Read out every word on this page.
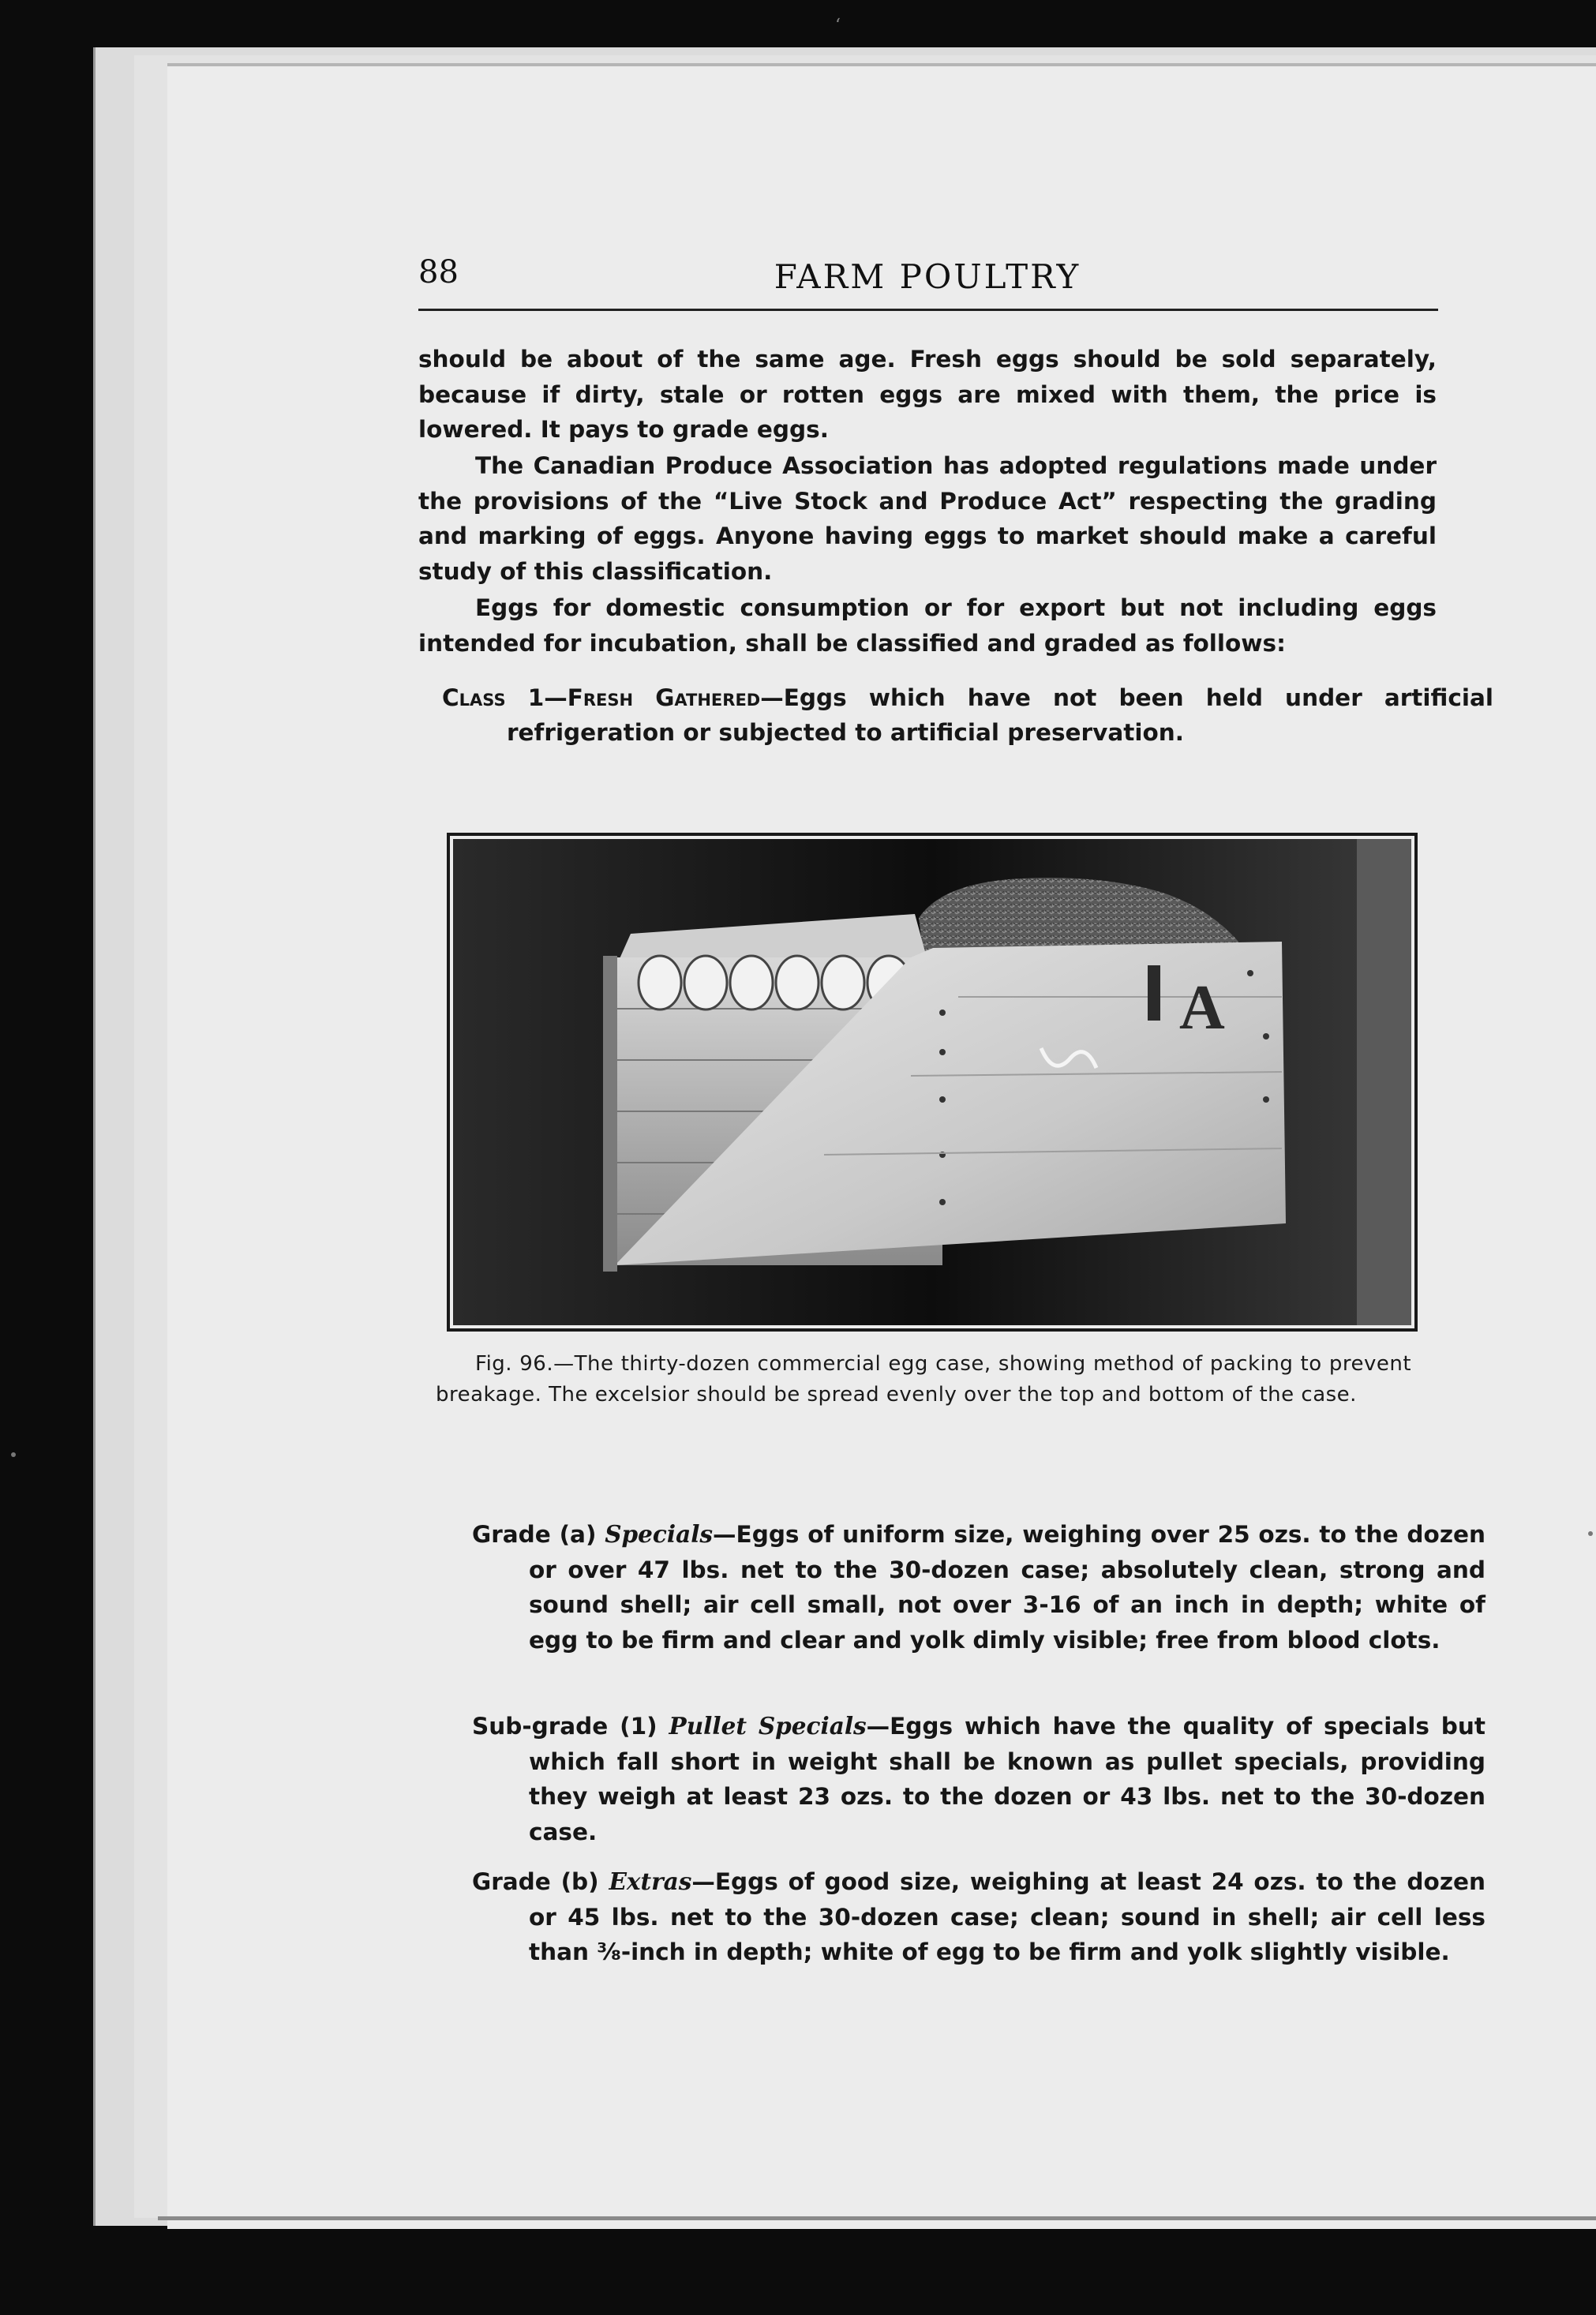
‘
88	FARM POULTRY

should be about of the same age. Fresh eggs should be sold separately, because if dirty, stale or rotten eggs are mixed with them, the price is lowered. It pays to grade eggs.

The Canadian Produce Association has adopted regulations made under the provisions of the “Live Stock and Produce Act” respecting the grading and marking of eggs. Anyone having eggs to market should make a careful study of this classification.

Eggs for domestic consumption or for export but not including eggs intended for incubation, shall be classified and graded as follows:

Class 1—Fresh Gathered—Eggs which have not been held under artificial refrigeration or subjected to artificial preservation.
A
Fig. 96.—The thirty-dozen commercial egg case, showing method of packing to prevent breakage. The excelsior should be spread evenly over the top and bottom of the case.
Grade (a) Specials—Eggs of uniform size, weighing over 25 ozs. to the dozen or over 47 lbs. net to the 30-dozen case; absolutely clean, strong and sound shell; air cell small, not over 3-16 of an inch in depth; white of egg to be firm and clear and yolk dimly visible; free from blood clots.
Sub-grade (1) Pullet Specials—Eggs which have the quality of specials but which fall short in weight shall be known as pullet specials, providing they weigh at least 23 ozs. to the dozen or 43 lbs. net to the 30-dozen case.
Grade (b) Extras—Eggs of good size, weighing at least 24 ozs. to the dozen or 45 lbs. net to the 30-dozen case; clean; sound in shell; air cell less than ⅜-inch in depth; white of egg to be firm and yolk slightly visible.
